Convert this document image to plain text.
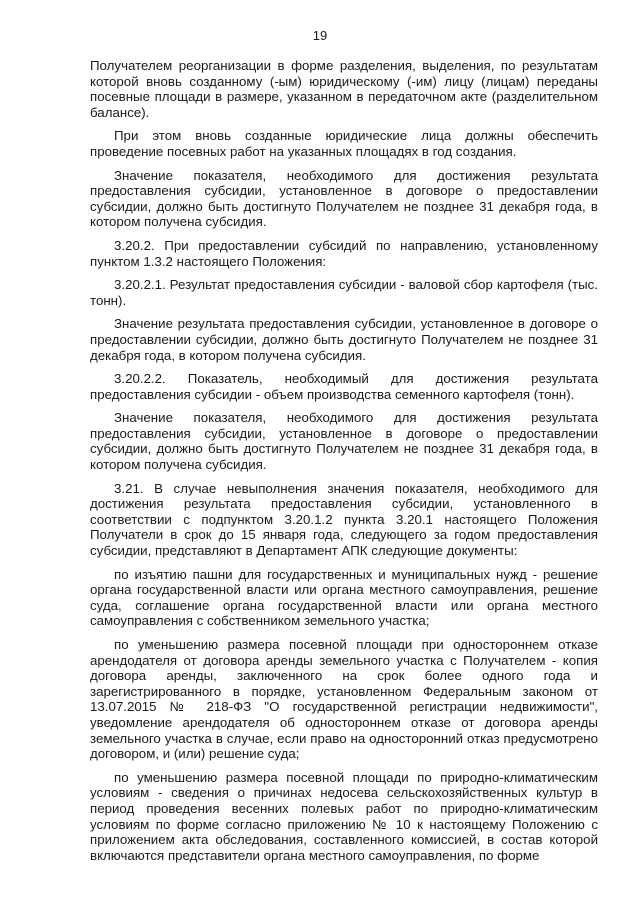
19

Получателем реорганизации в форме разделения, выделения, по результатам которой вновь созданному (-ым) юридическому (-им) лицу (лицам) переданы посевные площади в размере, указанном в передаточном акте (разделительном балансе).

При этом вновь созданные юридические лица должны обеспечить проведение посевных работ на указанных площадях в год создания.

Значение показателя, необходимого для достижения результата предоставления субсидии, установленное в договоре о предоставлении субсидии, должно быть достигнуто Получателем не позднее 31 декабря года, в котором получена субсидия.

3.20.2. При предоставлении субсидий по направлению, установленному пунктом 1.3.2 настоящего Положения:

3.20.2.1. Результат предоставления субсидии - валовой сбор картофеля (тыс. тонн).

Значение результата предоставления субсидии, установленное в договоре о предоставлении субсидии, должно быть достигнуто Получателем не позднее 31 декабря года, в котором получена субсидия.

3.20.2.2. Показатель, необходимый для достижения результата предоставления субсидии - объем производства семенного картофеля (тонн).

Значение показателя, необходимого для достижения результата предоставления субсидии, установленное в договоре о предоставлении субсидии, должно быть достигнуто Получателем не позднее 31 декабря года, в котором получена субсидия.

3.21. В случае невыполнения значения показателя, необходимого для достижения результата предоставления субсидии, установленного в соответствии с подпунктом 3.20.1.2 пункта 3.20.1 настоящего Положения Получатели в срок до 15 января года, следующего за годом предоставления субсидии, представляют в Департамент АПК следующие документы:

по изъятию пашни для государственных и муниципальных нужд - решение органа государственной власти или органа местного самоуправления, решение суда, соглашение органа государственной власти или органа местного самоуправления с собственником земельного участка;

по уменьшению размера посевной площади при одностороннем отказе арендодателя от договора аренды земельного участка с Получателем - копия договора аренды, заключенного на срок более одного года и зарегистрированного в порядке, установленном Федеральным законом от 13.07.2015 № 218-ФЗ "О государственной регистрации недвижимости", уведомление арендодателя об одностороннем отказе от договора аренды земельного участка в случае, если право на односторонний отказ предусмотрено договором, и (или) решение суда;

по уменьшению размера посевной площади по природно-климатическим условиям - сведения о причинах недосева сельскохозяйственных культур в период проведения весенних полевых работ по природно-климатическим условиям по форме согласно приложению № 10 к настоящему Положению с приложением акта обследования, составленного комиссией, в состав которой включаются представители органа местного самоуправления, по форме
